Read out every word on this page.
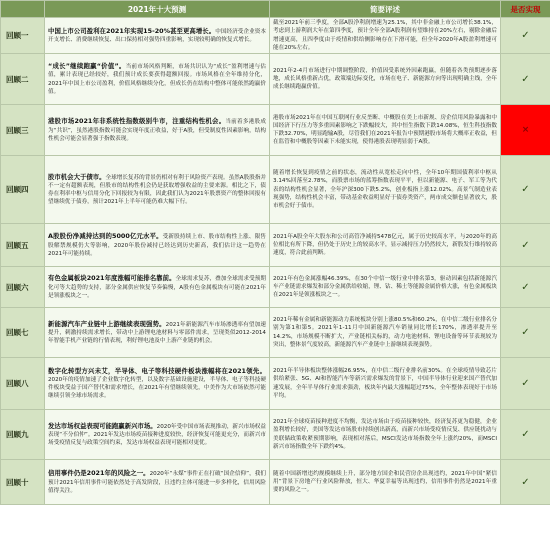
	2021年十大预测	简要评述	是否实现
回顾一	中国上市公司盈利在2021年实现15-20%甚至更高增长。中国经济受企业资本开支增长、消费继续恢复、出口保持相对强势四重影响，实现较明确的恢复式增长。	截至2021年前三季度，全部A股净利润增速为25.1%，其中非金融上市公司增长38.1%，考虑到上游利润大年在第四季度，预计全年全部A股利润有望维持在20%左右，剔除金融后增速更高，且四季度由于疫情和供给侧影响存在下滑可能，但全年2020年A股盈利增速可能在20%左右。	✓
回顾二	“成长”继续跑赢“价值”。当前市场风格判断，市场共识认为“成长”盈利增速与估值，累计表现已经较好，我们预计成长要获得超额回报。市场风格在全年维持分化，2021年中国上市公司盈利，价值风格继续分化，但成长仍在结构中整体可能依然跑赢价值。	2021年2-4月市场进行中期调整阶段，价值因受系统外因素跑赢，但随着各类预期逐步落地，成长风格重新占优，政策端边际变化，市场在电子、新能源方向等出现明确主线，全年成长继续跑赢价值。	✓
回顾三	港股市场2021年非系统性指数级别牛市，注重结构性机会。当前着多港股成为“共识”，虽然港股指数可能会实现年度正收益，好于A股，但受制度性因素影响，结构性机会可能会显著强于指数表现。	港股市场2021年在中国互联网行业反垄断、中概股在美上市新规、房企信用风险暴露和中国经济下行压力等多重因素影响之下跌幅较大，其中恒生指数下跌14.08%，恒生科技指数下跌32.70%，明显跑输A股，尽管我们在2021年报告中预期港股市场将大概率正收益，但在监管和中概股等因素下未能实现，使得港股表现明显弱于A股。	×
回顾四	股市机会大于债市。全球增长复苏的背景仍相对有利于风险资产表现。虽然A股股指并不一定有超额表现，但股市的结构性机会仍是获取增强收益的主要来源。相比之下，债券在利率中枢与信用分化下回报较为有限，因此我们认为2021年股票资产的整体回报有望继续优于债券，预计2021年上半年可能仍难大幅下行。	随着增长恢复到疫情之前的状态，流动性从宽松走向中性，全年10年期国债利率中枢从3.14%回落至2.78%，而股票市场的蓝筹指数表现平平，但以新能源、电子、军工等为代表的结构性机会显著，全年沪深300下跌5.2%，创业板指上涨12.02%。高景气制造业表现强势，结构性机会丰富，带动基金收益明显好于债券类资产，两市成交额也显著放大，股市机会好于债市。	✓
回顾五	A股股份净减持达到的5000亿元水平。受新股持续上市、股市结构性上涨、限售股解禁规模仍大等影响，2020年股份减持已经达到历史新高，我们估计这一趋势在2021年可能持续。	2021年A股全年大股东和公司高管净减持5478亿元，属于历史较高水平，与2020年的高位相比有所下降，但仍处于历史上的较高水平，显示减持压力仍然较大，新股发行维持较高速度，符合此前判断。	✓
回顾六	有色金属板块2021年度涨幅可能排名靠前。全球需求复苏，叠加全球需求受预期化可等大趋势的支持，部分金属供应恢复节奏偏慢，A股有色金属板块有可能在2021年是领涨板块之一。	2021年有色金属涨幅46.39%，在30个中信一级行业中排名第3，驱动因素包括新能源汽车产业链需求爆发和部分金属供给收缩，锂、钴、稀土等能源金属价格大涨，有色金属板块在2021年是领涨板块之一。	✓
回顾七	新能源汽车产业链中上游继续表现强势。2021年新能源汽车市场渗透率有望加速提升，刺激持续需求增长，带动中上游锂电池材料与零部件需求，呈现类似2012-2014年智能手机产业链的行情表现，利好锂电池及中上游产业链的机会。	2021年稀有金属和新能源动力系统板块分别上涨80.5%和60.2%，在中信二级行业排名分别为第1和第5。2021年1-11月中国新能源汽车销量同比增长170%，渗透率提升至14.2%，市场规模不断扩大，产业链相关标的，动力电池材料、锂电设备等环节表现较为突出，整体景气度较高，新能源汽车产业链中上游继续表现强势。	✓
回顾八	数字化转型方兴未艾，半导体、电子等科技硬件板块涨幅将在2021领先。2020年的疫情加速了企业数字化转型，以及数字基础设施建设，半导体、电子等科技硬件板块受益于国产替代和需求增长，在2021年有望继续领先，中美作为大市场依然可能继续引领全球市场需求。	2021年半导体板块整体涨幅26.95%，在中信二级行业排名前30%。在全球疫情导致芯片供给紧张、5G、AI和智能汽车等新兴需求爆发的背景下，中国半导体行业迎来国产替代加速发展，全年半导体行业需求强劲，板块年内最大涨幅超过75%，全年整体表现好于市场平均。	✓
回顾九	发达市场权益表现可能跑赢新兴市场。2020年受中国市场表现推动，新兴市场权益表现“不分伯仲”。2021年发达市场疫苗接种进度较快，经济恢复可能更充分，而新兴市场受疫情反复与政策空间约束，发达市场权益表现可能相对更优。	2021年全球疫苗接种进度不均衡，发达市场由于疫苗接种较快，经济复苏更为稳健，企业盈利增长较好，美国等发达市场股市持续创出新高，而新兴市场受疫情反复、供应链扰动与美联储政策收紧预期影响，表现相对落后，MSCI发达市场指数全年上涨约20%，而MSCI新兴市场指数全年下跌约4%。	✓
回顾十	信用事件仍是2021年的风险之一。2020年“永煤”事件正在打破“国企信仰”，我们预计2021年信用事件可能依然处于高发阶段，且违约主体可能进一步多样化，信用风险值得关注。	随着中国新增违约规模继续上升，部分地方国企和民营房企出现违约，2021年中国“紧信用”背景下房地产行业风险释放，恒大、华夏幸福等出现违约，信用事件仍然是2021年重要的风险之一。	✓
